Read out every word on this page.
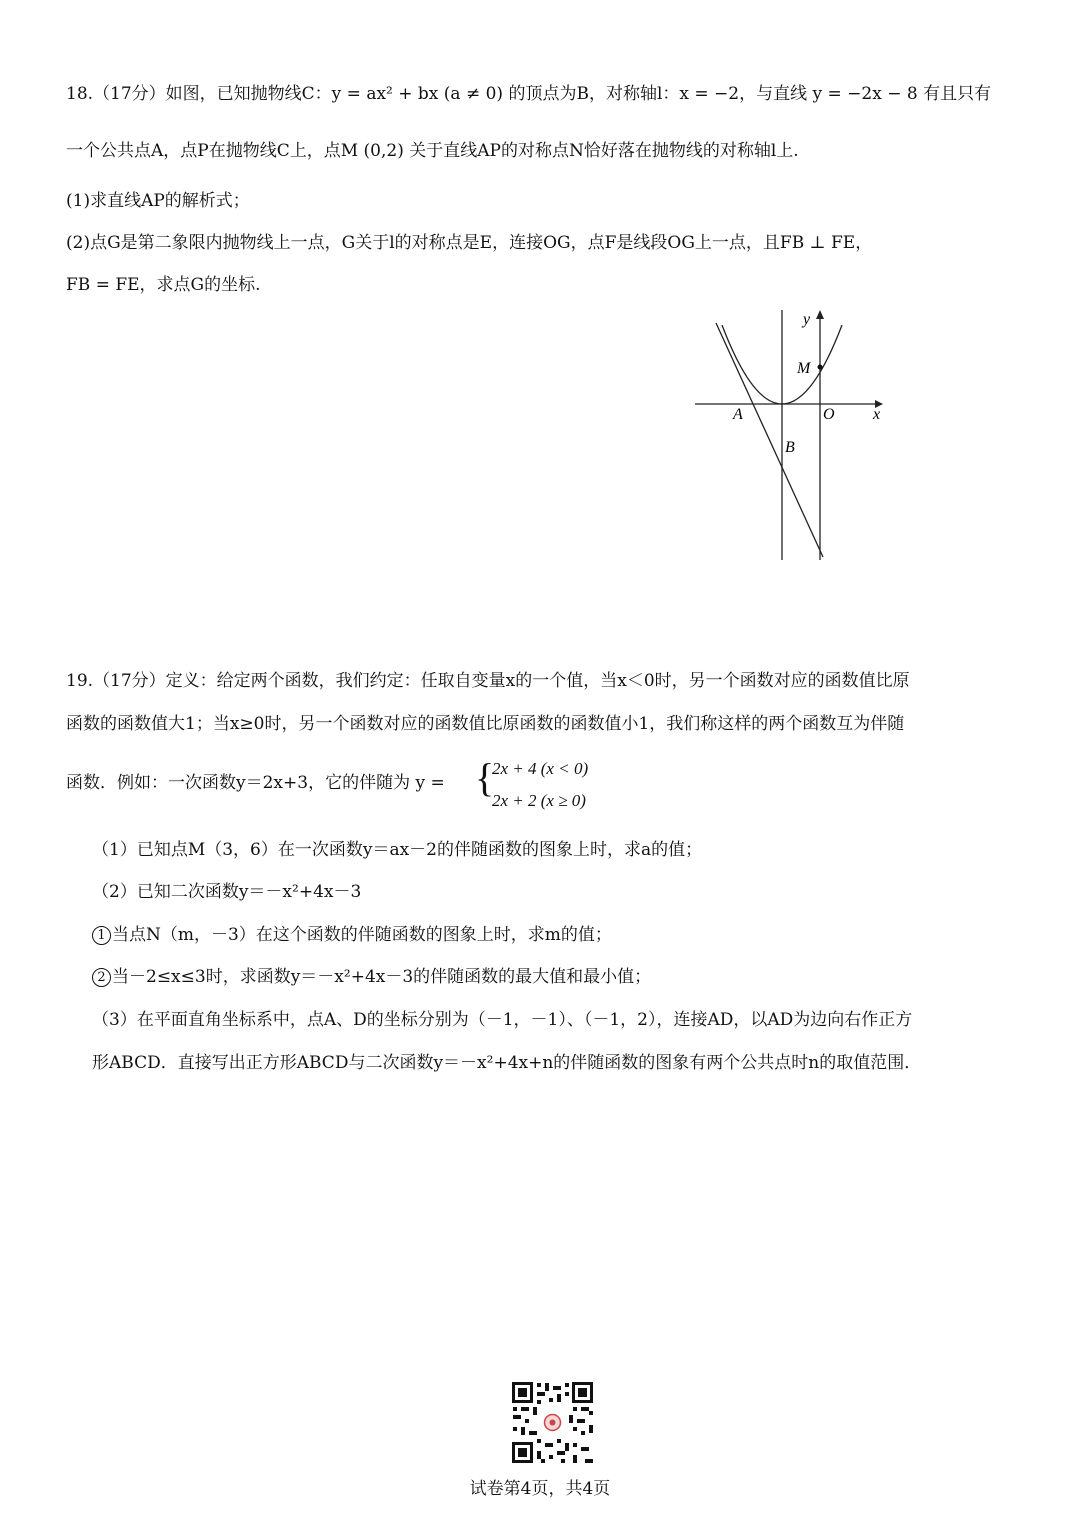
18.（17分）如图，已知抛物线C：y = ax² + bx (a ≠ 0) 的顶点为B，对称轴l：x = −2，与直线 y = −2x − 8 有且只有
一个公共点A，点P在抛物线C上，点M (0,2) 关于直线AP的对称点N恰好落在抛物线的对称轴l上.
(1)求直线AP的解析式；
(2)点G是第二象限内抛物线上一点，G关于l的对称点是E，连接OG，点F是线段OG上一点，且FB ⊥ FE，
FB = FE，求点G的坐标.
y
x
M
A	O
B
19.（17分）定义：给定两个函数，我们约定：任取自变量x的一个值，当x＜0时，另一个函数对应的函数值比原
函数的函数值大1；当x≥0时，另一个函数对应的函数值比原函数的函数值小1，我们称这样的两个函数互为伴随
函数．例如：一次函数y＝2x+3，它的伴随为 y = {
2x + 4 (x < 0)
2x + 2 (x ≥ 0)
（1）已知点M（3，6）在一次函数y＝ax－2的伴随函数的图象上时，求a的值；
（2）已知二次函数y＝－x²+4x－3
1 当点N（m，－3）在这个函数的伴随函数的图象上时，求m的值；
2 当－2≤x≤3时，求函数y＝－x²+4x－3的伴随函数的最大值和最小值；
（3）在平面直角坐标系中，点A、D的坐标分别为（－1，－1）、（－1，2），连接AD，以AD为边向右作正方
形ABCD．直接写出正方形ABCD与二次函数y＝－x²+4x+n的伴随函数的图象有两个公共点时n的取值范围．
试卷第4页，共4页
